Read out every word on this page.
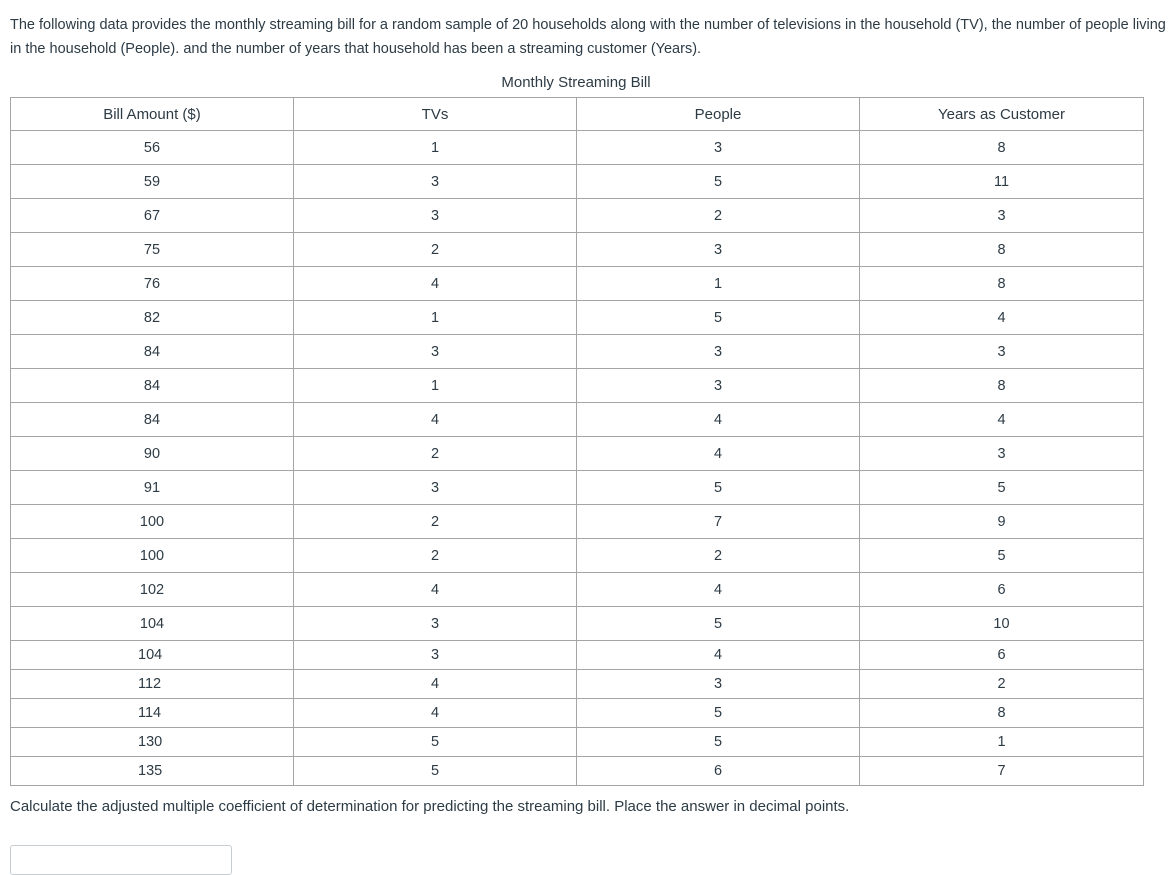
The following data provides the monthly streaming bill for a random sample of 20 households along with the number of televisions in the household (TV), the number of people living in the household (People). and the number of years that household has been a streaming customer (Years).

Monthly Streaming Bill
Bill Amount ($)	TVs	People	Years as Customer
56	1	3	8
59	3	5	11
67	3	2	3
75	2	3	8
76	4	1	8
82	1	5	4
84	3	3	3
84	1	3	8
84	4	4	4
90	2	4	3
91	3	5	5
100	2	7	9
100	2	2	5
102	4	4	6
104	3	5	10
104	3	4	6
112	4	3	2
114	4	5	8
130	5	5	1
135	5	6	7

Calculate the adjusted multiple coefficient of determination for predicting the streaming bill. Place the answer in decimal points.
